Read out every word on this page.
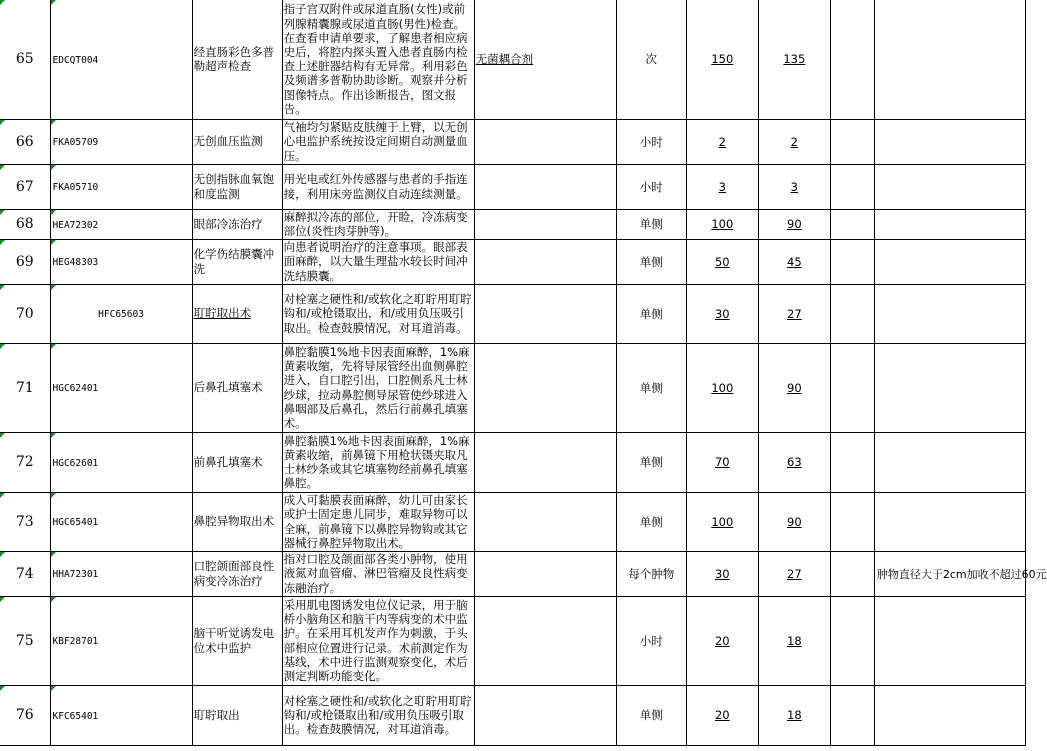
65	EDCQT004	经直肠彩色多普勒超声检查	指子宫双附件或尿道直肠(女性)或前列腺精囊腺或尿道直肠(男性)检查。在查看申请单要求，了解患者相应病史后，将腔内探头置入患者直肠内检查上述脏器结构有无异常。利用彩色及频谱多普勒协助诊断。观察并分析图像特点。作出诊断报告，图文报告。	无菌耦合剂	次	150	135		

66	FKA05709	无创血压监测	气袖均匀紧贴皮肤缠于上臂，以无创心电监护系统按设定间期自动测量血压。		小时	2	2		

67	FKA05710	无创指脉血氧饱和度监测	用光电或红外传感器与患者的手指连接，利用床旁监测仪自动连续测量。		小时	3	3		

68	HEA72302	眼部冷冻治疗	麻醉拟冷冻的部位，开睑，冷冻病变部位(炎性肉芽肿等)。		单侧	100	90		

69	HEG48303	化学伤结膜囊冲洗	向患者说明治疗的注意事项。眼部表面麻醉，以大量生理盐水较长时间冲洗结膜囊。		单侧	50	45		

70	HFC65603	耵聍取出术	对栓塞之硬性和/或软化之耵聍用耵聍钩和/或枪镊取出，和/或用负压吸引取出。检查鼓膜情况，对耳道消毒。		单侧	30	27		

71	HGC62401	后鼻孔填塞术	鼻腔黏膜1%地卡因表面麻醉，1%麻黄素收缩，先将导尿管经出血侧鼻腔进入，自口腔引出，口腔侧系凡士林纱球，拉动鼻腔侧导尿管使纱球进入鼻咽部及后鼻孔，然后行前鼻孔填塞术。		单侧	100	90		

72	HGC62601	前鼻孔填塞术	鼻腔黏膜1%地卡因表面麻醉，1%麻黄素收缩，前鼻镜下用枪状镊夹取凡士林纱条或其它填塞物经前鼻孔填塞鼻腔。		单侧	70	63		

73	HGC65401	鼻腔异物取出术	成人可黏膜表面麻醉，幼儿可由家长或护士固定患儿同步，难取异物可以全麻，前鼻镜下以鼻腔异物钩或其它器械行鼻腔异物取出术。		单侧	100	90		

74	HHA72301	口腔颌面部良性病变冷冻治疗	指对口腔及颌面部各类小肿物，使用液氮对血管瘤、淋巴管瘤及良性病变冻融治疗。		每个肿物	30	27		肿物直径大于2cm加收不超过60元

75	KBF28701	脑干听觉诱发电位术中监护	采用肌电图诱发电位仪记录，用于脑桥小脑角区和脑干内等病变的术中监护。在采用耳机发声作为刺激，于头部相应位置进行记录。术前测定作为基线，术中进行监测观察变化，术后测定判断功能变化。		小时	20	18		

76	KFC65401	耵聍取出	对栓塞之硬性和/或软化之耵聍用耵聍钩和/或枪镊取出和/或用负压吸引取出。检查鼓膜情况，对耳道消毒。		单侧	20	18		
